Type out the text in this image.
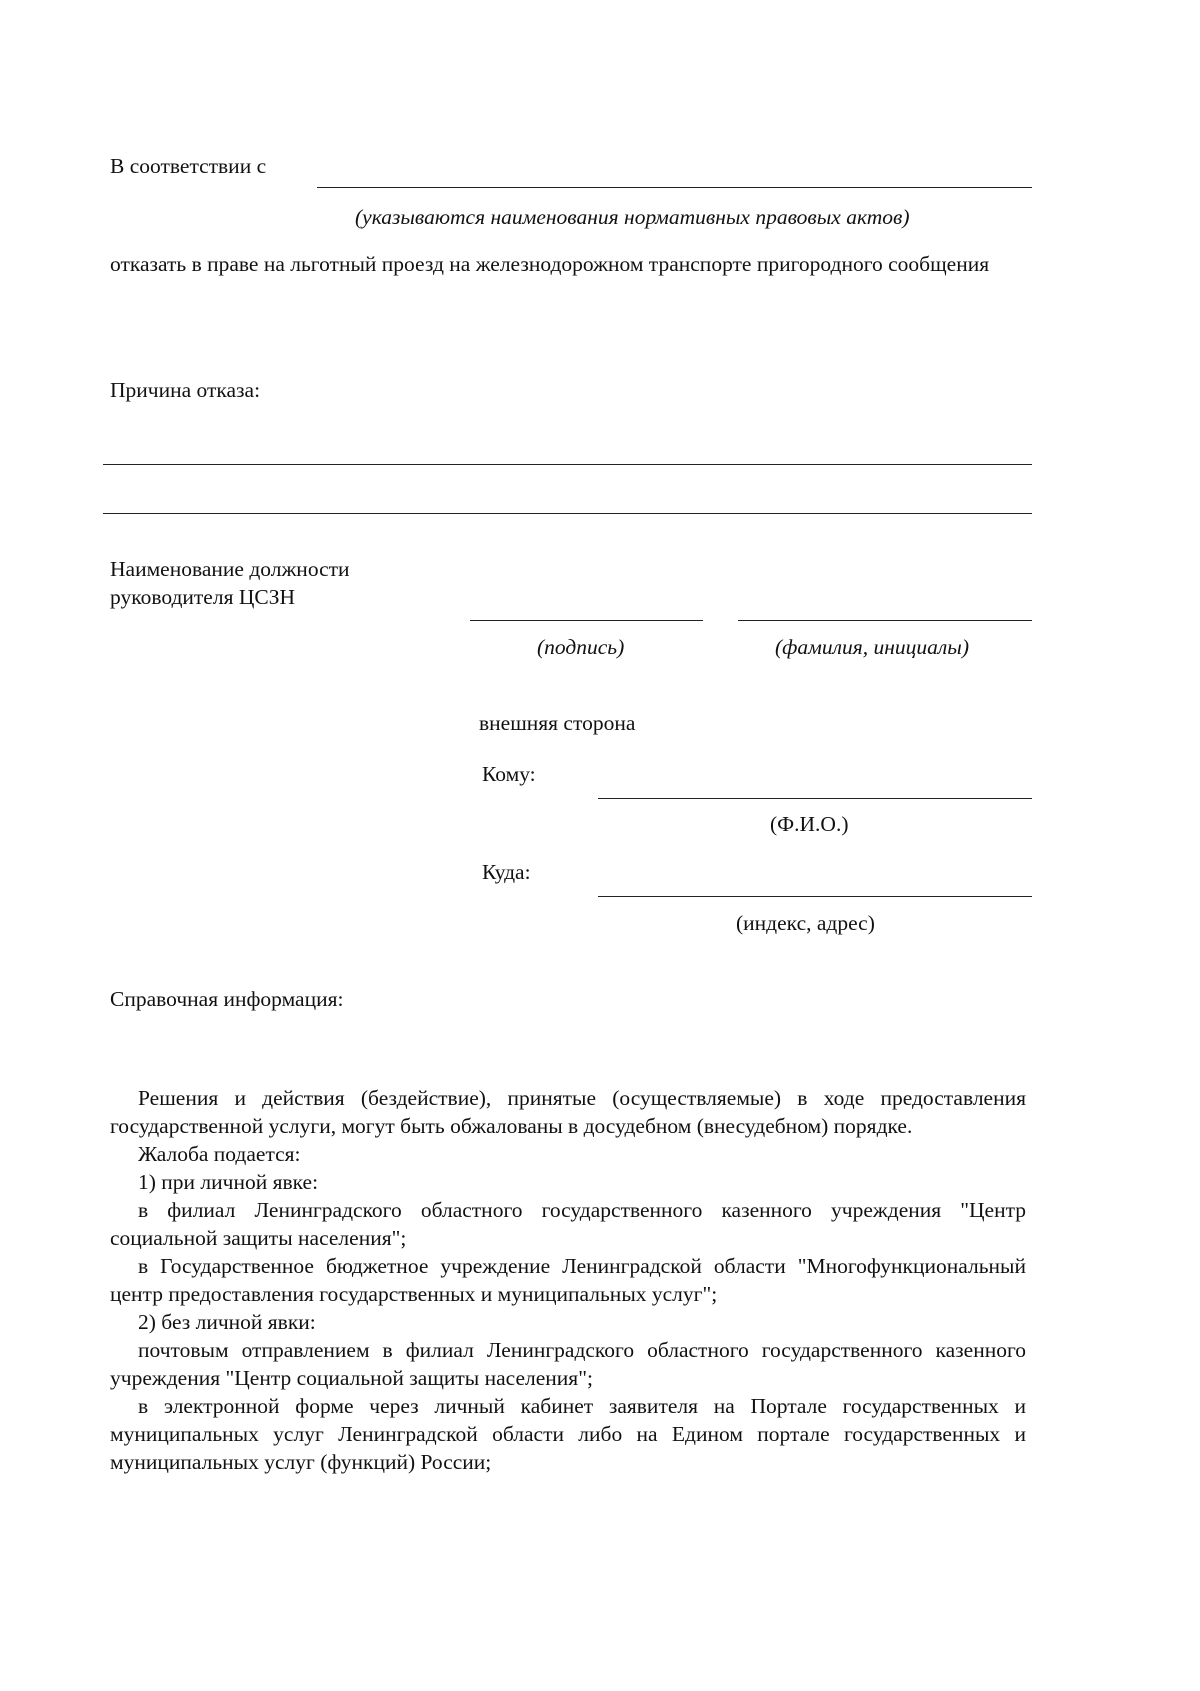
В соответствии с
(указываются наименования нормативных правовых актов)
отказать в праве на льготный проезд на железнодорожном транспорте пригородного сообщения
Причина отказа:
Наименование должности
руководителя ЦСЗН
(подпись)	(фамилия, инициалы)
внешняя сторона
Кому:
(Ф.И.О.)
Куда:
(индекс, адрес)
Справочная информация:

Решения и действия (бездействие), принятые (осуществляемые) в ходе предоставления государственной услуги, могут быть обжалованы в досудебном (внесудебном) порядке.

Жалоба подается:

1) при личной явке:

в филиал Ленинградского областного государственного казенного учреждения "Центр социальной защиты населения";

в Государственное бюджетное учреждение Ленинградской области "Многофункциональный центр предоставления государственных и муниципальных услуг";

2) без личной явки:

почтовым отправлением в филиал Ленинградского областного государственного казенного учреждения "Центр социальной защиты населения";

в электронной форме через личный кабинет заявителя на Портале государственных и муниципальных услуг Ленинградской области либо на Едином портале государственных и муниципальных услуг (функций) России;
